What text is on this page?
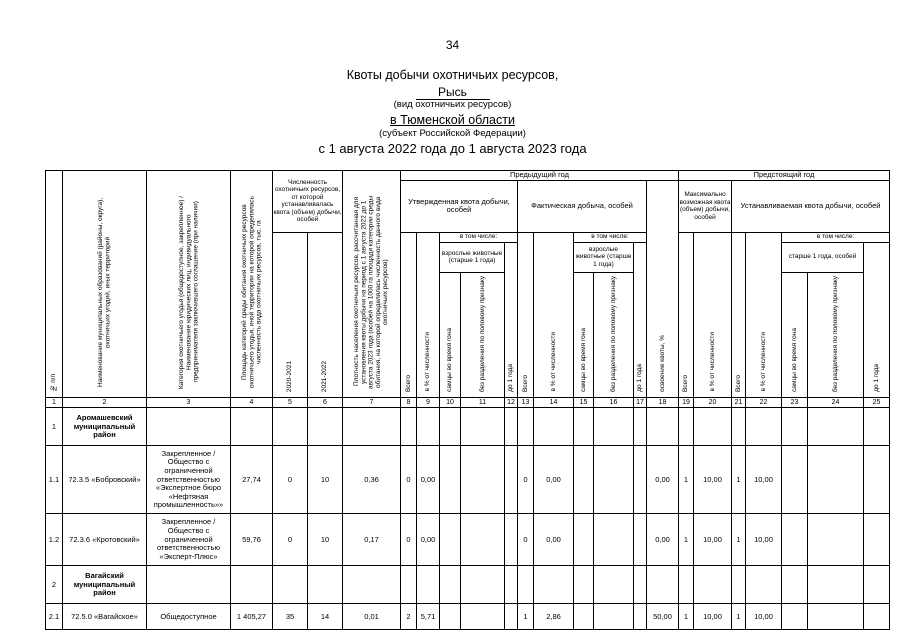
34
Квоты добычи охотничьих ресурсов,
Рысь
(вид охотничьих ресурсов)
в Тюменской области
(субъект Российской Федерации)
с 1 августа 2022 года до 1 августа 2023 года
№ п/п	Наименование муниципальных образований (районы, округа), охотничьих угодий, иных территорий	Категория охотничьего угодья (общедоступное, закрепленное) / Наименование юридических лиц, индивидуального предпринимателя заключившего соглашение (при наличии)	Площадь категорий среды обитания охотничьих ресурсов охотничьего угодья, иной территории на которой определялась численность вида охотничьих ресурсов, тыс. га	Численность охотничьих ресурсов, от которой устанавливалась квота (объем) добычи, особей		Плотность населения охотничьих ресурсов, рассчитанная для установления квоты добычи на период с 1 августа 2022 до 1 августа 2023 года (особей на 1000 га площади категории среды обитания, на которой определялась численность данного вида охотничьих ресурсов)	Предыдущий год											Предстоящий год						
							Утвержденная квота добычи, особей					Фактическая добыча, особей					освоение квоты, %	Максимально возможная квота (объем) добычи, особей		Устанавливаемая квота добычи, особей				
				2020-2021	2021-2022		Всего	в % от численности	в том числе:			Всего	в % от численности	в том числе:				Всего	в % от численности	Всего	в % от численности	в том числе:		
									взрослые животные (старше 1 года)		до 1 года			взрослые животные (старше 1 года)		до 1 года						старше 1 года, особей		до 1 года
									самцы во время гона	без разделения по половому признаку				самцы во время гона	без разделения по половому признаку							самцы во время гона	без разделения по половому признаку	
1	2	3	4	5	6	7	8	9	10	11	12	13	14	15	16	17	18	19	20	21	22	23	24	25
1	Аромашевский муниципальный район																							
1.1	72.3.5 «Бобровский»	Закрепленное / Общество с ограниченной ответственностью «Экспертное бюро «Нефтяная промышленность»»	27,74	0	10	0,36	0	0,00				0	0,00				0,00	1	10,00	1	10,00			
1.2	72.3.6 «Кротовский»	Закрепленное / Общество с ограниченной ответственностью «Эксперт-Плюс»	59,76	0	10	0,17	0	0,00				0	0,00				0,00	1	10,00	1	10,00			
2	Вагайский муниципальный район																							
2.1	72.5.0 «Вагайское»	Общедоступное	1 405,27	35	14	0,01	2	5,71				1	2,86				50,00	1	10,00	1	10,00			
